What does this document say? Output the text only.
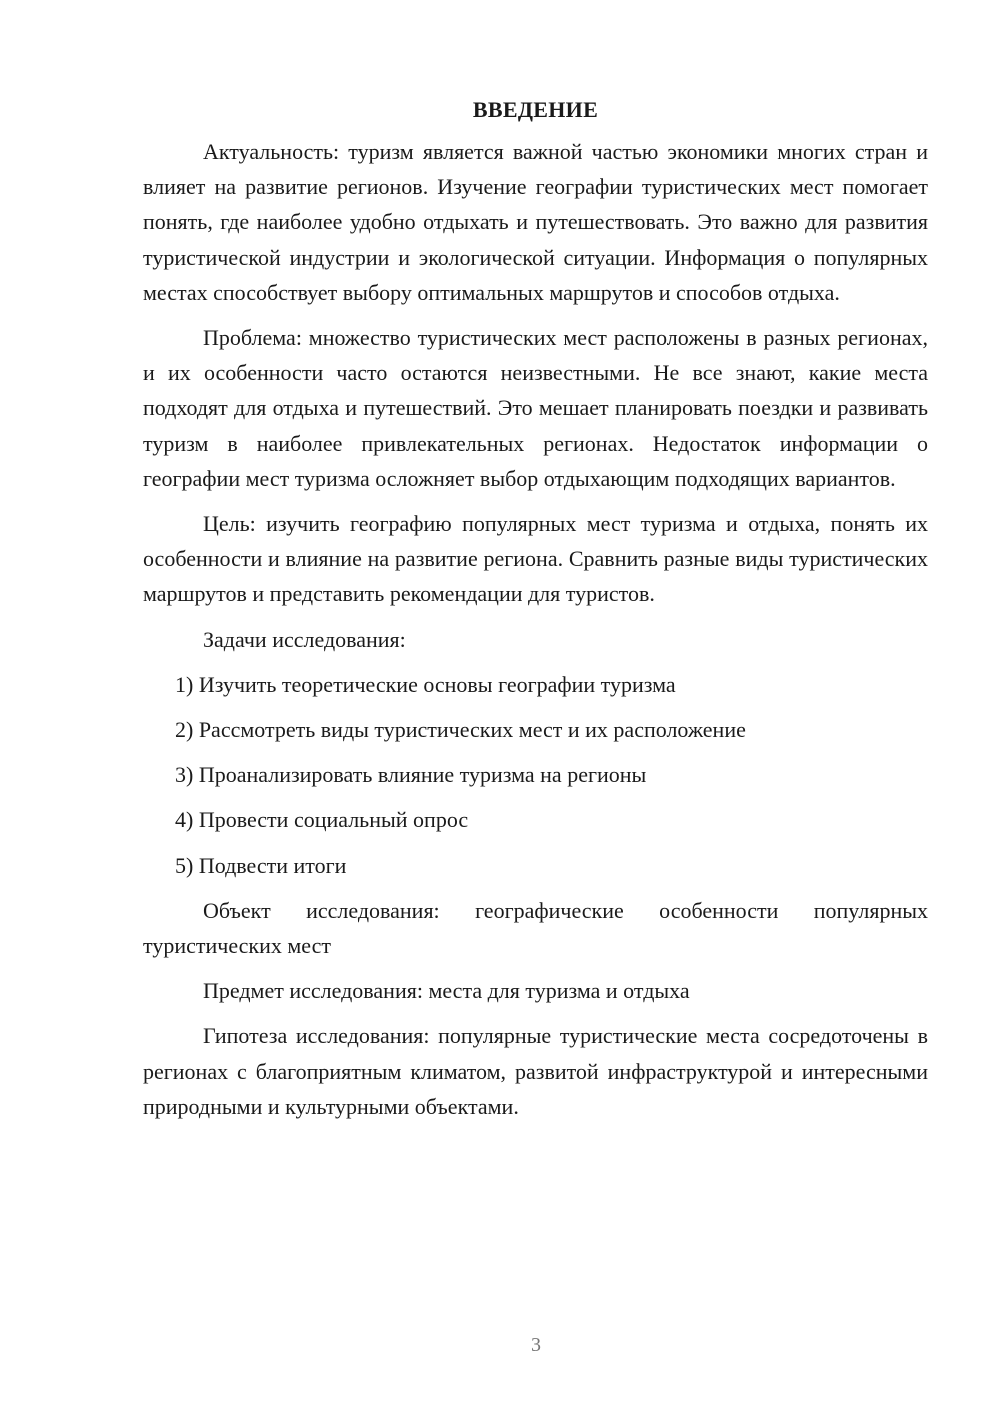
ВВЕДЕНИЕ

Актуальность: туризм является важной частью экономики многих стран и влияет на развитие регионов. Изучение географии туристических мест помогает понять, где наиболее удобно отдыхать и путешествовать. Это важно для развития туристической индустрии и экологической ситуации. Информация о популярных местах способствует выбору оптимальных маршрутов и способов отдыха.

Проблема: множество туристических мест расположены в разных регионах, и их особенности часто остаются неизвестными. Не все знают, какие места подходят для отдыха и путешествий. Это мешает планировать поездки и развивать туризм в наиболее привлекательных регионах. Недостаток информации о географии мест туризма осложняет выбор отдыхающим подходящих вариантов.

Цель: изучить географию популярных мест туризма и отдыха, понять их особенности и влияние на развитие региона. Сравнить разные виды туристических маршрутов и представить рекомендации для туристов.

Задачи исследования:

1) Изучить теоретические основы географии туризма
2) Рассмотреть виды туристических мест и их расположение
3) Проанализировать влияние туризма на регионы
4) Провести социальный опрос
5) Подвести итоги

Объект исследования: географические особенности популярных туристических мест

Предмет исследования: места для туризма и отдыха

Гипотеза исследования: популярные туристические места сосредоточены в регионах с благоприятным климатом, развитой инфраструктурой и интересными природными и культурными объектами.

3
